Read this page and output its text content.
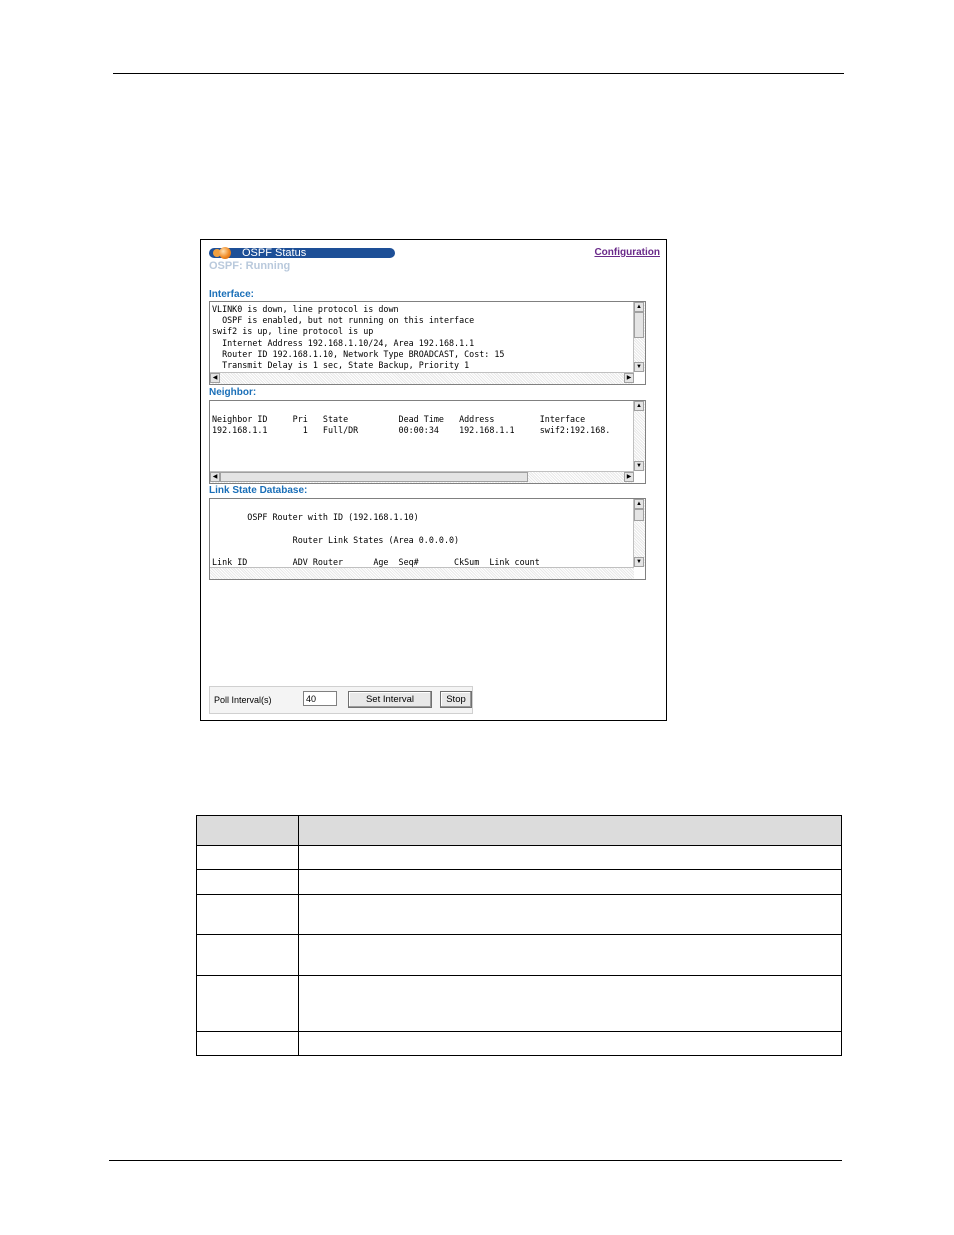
OSPF Status	Configuration
OSPF: Running
Interface:
VLINK0 is down, line protocol is down
OSPF is enabled, but not running on this interface
swif2 is up, line protocol is up
Internet Address 192.168.1.10/24, Area 192.168.1.1
Router ID 192.168.1.10, Network Type BROADCAST, Cost: 15
Transmit Delay is 1 sec, State Backup, Priority 1
▲
▼
◀	▶
Neighbor:

Neighbor ID     Pri   State          Dead Time   Address         Interface
192.168.1.1       1   Full/DR        00:00:34    192.168.1.1     swif2:192.168.
▲
▼
◀	▶
Link State Database:

OSPF Router with ID (192.168.1.10)

Router Link States (Area 0.0.0.0)

Link ID         ADV Router      Age  Seq#       CkSum  Link count
▲
▼
Poll Interval(s)	40	Set Interval	Stop
